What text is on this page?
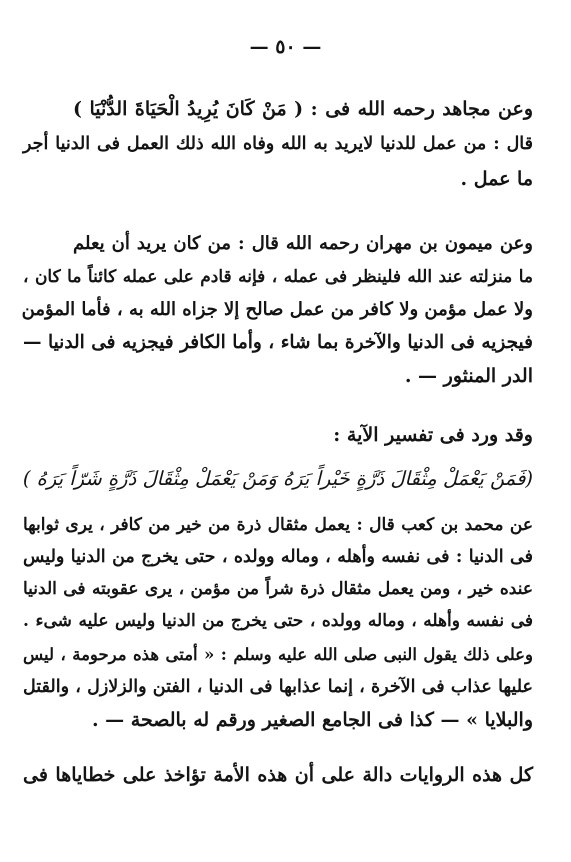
— ٥٠ —
وعن مجاهد رحمه الله فى : ( مَنْ كَانَ يُرِيدُ الْحَيَاةَ الدُّنْيَا )
قال : من عمل للدنيا لايريد به الله وفاه الله ذلك العمل فى الدنيا أجر
ما عمل .
وعن ميمون بن مهران رحمه الله قال : من كان يريد أن يعلم
ما منزلته عند الله فلينظر فى عمله ، فإنه قادم على عمله كائناً ما كان ،
ولا عمل مؤمن ولا كافر من عمل صالح إلا جزاه الله به ، فأما المؤمن
فيجزيه فى الدنيا والآخرة بما شاء ، وأما الكافر فيجزيه فى الدنيا —
الدر المنثور — .
وقد ورد فى تفسير الآية :
(فَمَنْ يَعْمَلْ مِثْقَالَ ذَرَّةٍ خَيْراً يَرَهُ وَمَنْ يَعْمَلْ مِثْقَالَ ذَرَّةٍ شَرّاً يَرَهُ )
عن محمد بن كعب قال : يعمل مثقال ذرة من خير من كافر ، يرى ثوابها
فى الدنيا : فى نفسه وأهله ، وماله وولده ، حتى يخرج من الدنيا وليس
عنده خير ، ومن يعمل مثقال ذرة شراً من مؤمن ، يرى عقوبته فى الدنيا
فى نفسه وأهله ، وماله وولده ، حتى يخرج من الدنيا وليس عليه شىء .
وعلى ذلك يقول النبى صلى الله عليه وسلم : « أمتى هذه مرحومة ، ليس
عليها عذاب فى الآخرة ، إنما عذابها فى الدنيا ، الفتن والزلازل ، والقتل
والبلايا » — كذا فى الجامع الصغير ورقم له بالصحة — .
كل هذه الروايات دالة على أن هذه الأمة تؤاخذ على خطاياها فى
